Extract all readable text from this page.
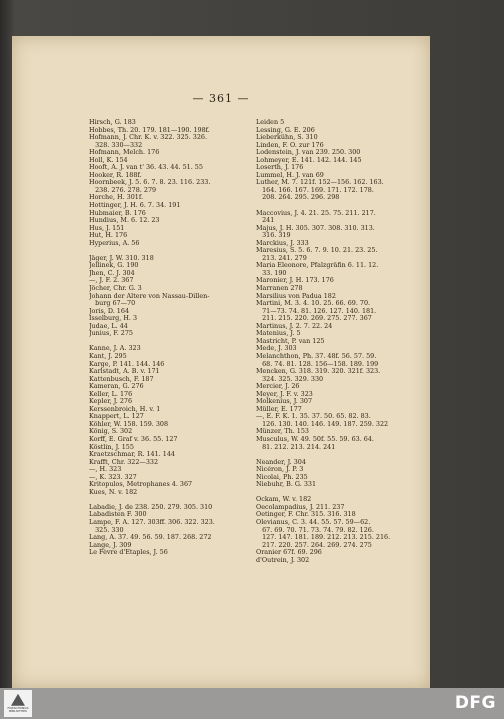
— 361 —
Hirsch, G. 183
Hobbes, Th. 20. 179. 181—190. 198f.
Hofmann, J. Chr. K. v. 322. 325. 326.
328. 330—332
Hofmann, Melch. 176
Holl, K. 154
Hooft, A. J. van t' 36. 43. 44. 51. 55
Hooker, R. 188f.
Hoornbeek, J. 5. 6. 7. 8. 23. 116. 233.
238. 276. 278. 279
Horche, H. 301f.
Hottinger, J. H. 6. 7. 34. 191
Hubmaier, B. 176
Hundius, M. 6. 12. 23
Hus, J. 151
Hut, H. 176
Hyperius, A. 56
Jäger, J. W. 310. 318
Jellinek, G. 190
Jhen, C. J. 304
—, J. F. 2. 367
Jöcher, Chr. G. 3
Johann der Ältere von Nassau-Dillen-
burg 67—70
Joris, D. 164
Isselburg, H. 3
Judae, L. 44
Junius, F. 275
Kanne, J. A. 323
Kant, J. 295
Karge, P. 141. 144. 146
Karlstadt, A. B. v. 171
Kattenbusch, F. 187
Kameran, G. 276
Keller, L. 176
Kepler, J. 276
Kerssenbroich, H. v. 1
Knappert, L. 127
Köhler, W. 158. 159. 308
König, S. 302
Korff, E. Graf v. 36. 55. 127
Köstlin, J. 155
Kraetzschmar, R. 141. 144
Krafft, Chr. 322—332
—, H. 323
—, K. 323. 327
Kritopulos, Metrophanes 4. 367
Kues, N. v. 182
Labadie, J. de 238. 250. 279. 305. 310
Labadisten F. 300
Lampe, F. A. 127. 303ff. 306. 322. 323.
325. 330
Lang, A. 37. 49. 56. 59. 187. 268. 272
Lange, J. 309
Le Fèvre d'Etaples, J. 56
Leiden 5
Lessing, G. E. 206
Lieberkühn, S. 310
Linden, F. O. zur 176
Lodenstein, J. van 239. 250. 300
Lohmeyer, E. 141. 142. 144. 145
Loserth, J. 176
Lummel, H. J. van 69
Luther, M. 7. 121f. 152—156. 162. 163.
164. 166. 167. 169. 171. 172. 178.
208. 264. 295. 296. 298
Maccovius, J. 4. 21. 25. 75. 211. 217.
241
Majus, J. H. 305. 307. 308. 310. 313.
316. 319
Marckius, J. 333
Maresius, S. 5. 6. 7. 9. 10. 21. 23. 25.
213. 241. 279
Maria Eleonore, Pfalzgräfin 6. 11. 12.
33. 190
Maronier, J. H. 173. 176
Marranen 278
Marsilius von Padua 182
Martini, M. 3. 4. 10. 25. 66. 69. 70.
71—73. 74. 81. 126. 127. 140. 181.
211. 215. 220. 269. 275. 277. 367
Martinus, J. 2. 7. 22. 24
Matenius, J. 5
Mastricht, P. van 125
Mede, J. 303
Melanchthon, Ph. 37. 48f. 56. 57. 59.
68. 74. 81. 128. 156—158. 189. 199
Mencken, G. 318. 319. 320. 321f. 323.
324. 325. 329. 330
Mercier, J. 26
Meyer, J. F. v. 323
Molkenius, J. 307
Müller, E. 177
—, E. F. K. 1. 35. 37. 50. 65. 82. 83.
126. 130. 140. 146. 149. 187. 259. 322
Münzer, Th. 153
Musculus, W. 49. 50f. 55. 59. 63. 64.
81. 212. 213. 214. 241
Neander, J. 304
Nicéron, J. P. 3
Nicolai, Ph. 235
Niebuhr, B. G. 331
Ockam, W. v. 182
Oecolampadius, J. 211. 237
Oetinger, F. Chr. 315. 316. 318
Olevianus, C. 3. 44. 55. 57. 59—62.
67. 69. 70. 71. 73. 74. 79. 82. 126.
127. 147. 181. 189. 212. 213. 215. 216.
217. 220. 257. 264. 269. 274. 275
Oranier 67f. 69. 296
d'Outrein, J. 302
FORSCHUNGS BIBLIOTHEK	DFG
